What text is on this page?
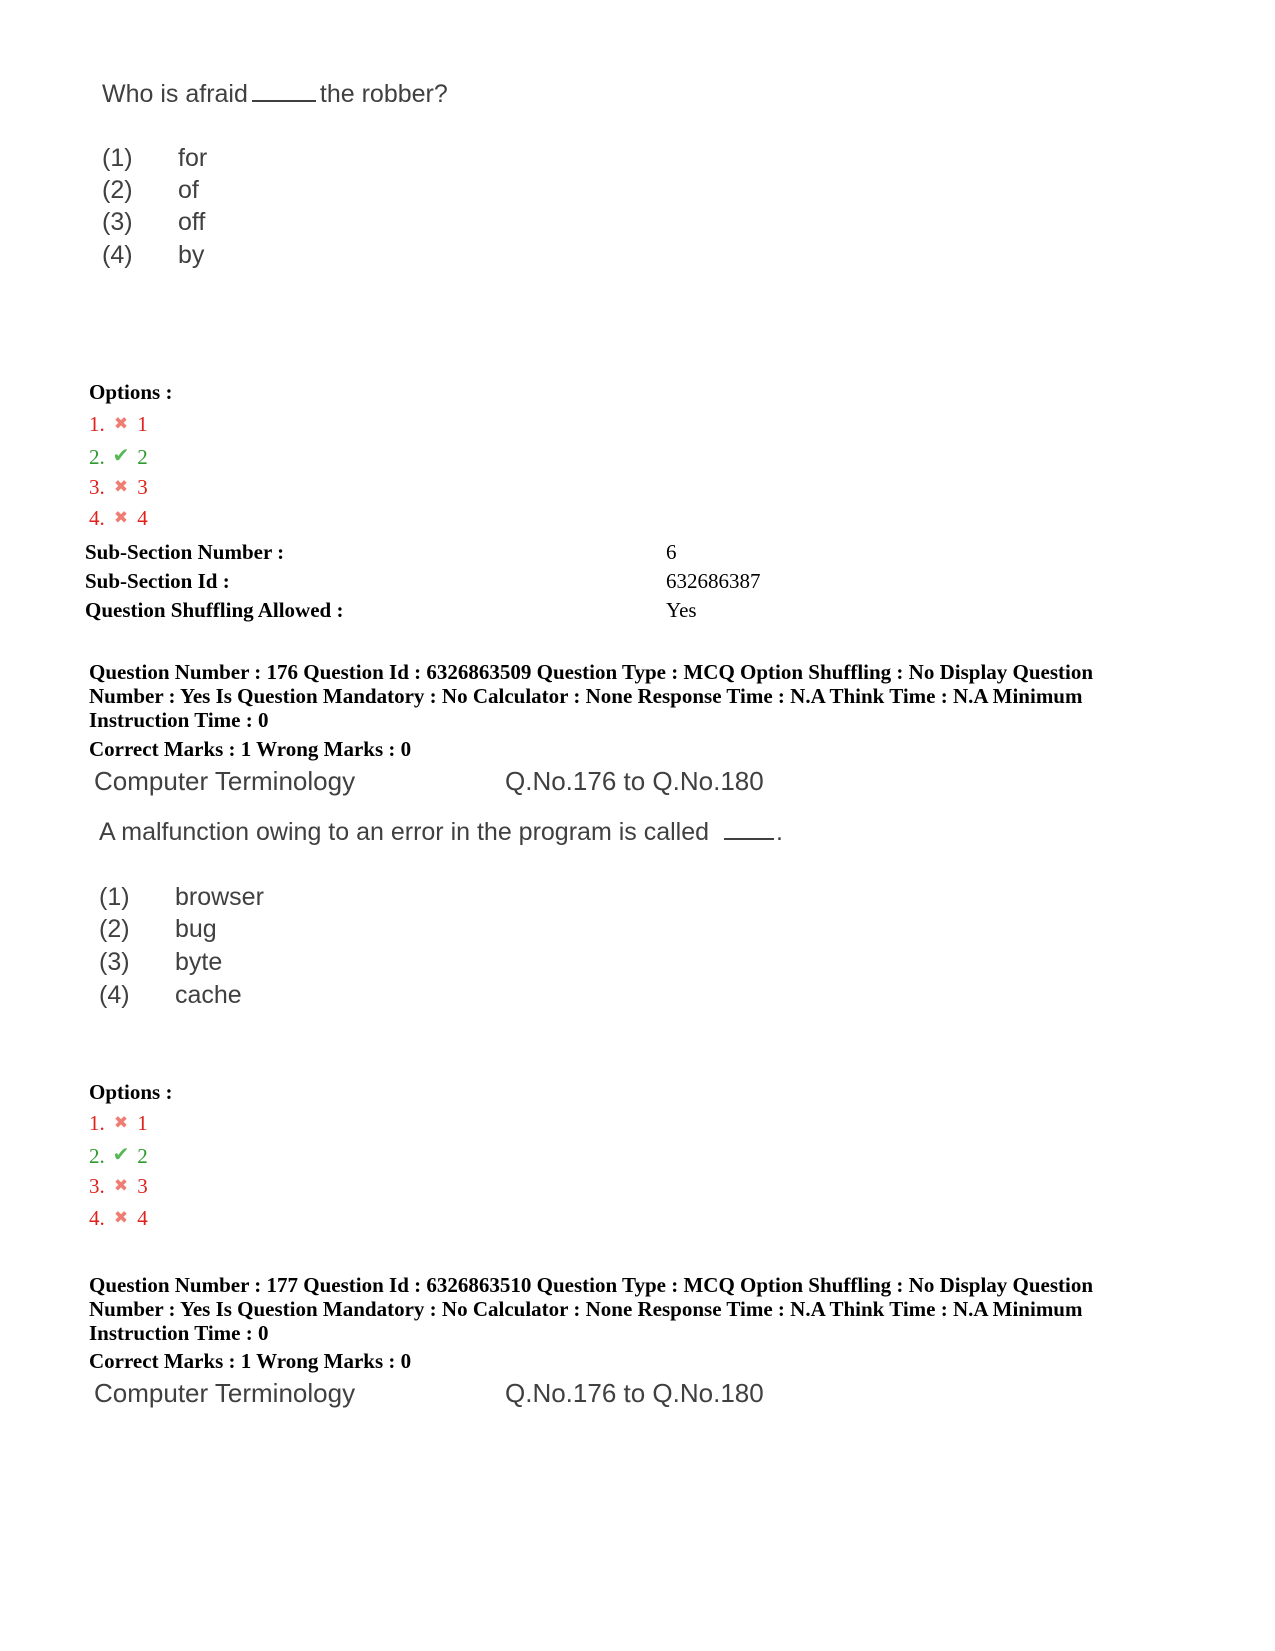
Who is afraid	the robber?
(1) for
(2) of
(3) off
(4) by
Options :
1. ✖ 1
2. ✔ 2
3. ✖ 3
4. ✖ 4
Sub-Section Number :	6
Sub-Section Id :	632686387
Question Shuffling Allowed :	Yes
Question Number : 176 Question Id : 6326863509 Question Type : MCQ Option Shuffling : No Display Question Number : Yes Is Question Mandatory : No Calculator : None Response Time : N.A Think Time : N.A Minimum Instruction Time : 0
Correct Marks : 1 Wrong Marks : 0
Computer Terminology	Q.No.176 to Q.No.180
A malfunction owing to an error in the program is called	.
(1) browser
(2) bug
(3) byte
(4) cache
Options :
1. ✖ 1
2. ✔ 2
3. ✖ 3
4. ✖ 4
Question Number : 177 Question Id : 6326863510 Question Type : MCQ Option Shuffling : No Display Question Number : Yes Is Question Mandatory : No Calculator : None Response Time : N.A Think Time : N.A Minimum Instruction Time : 0
Correct Marks : 1 Wrong Marks : 0
Computer Terminology	Q.No.176 to Q.No.180
